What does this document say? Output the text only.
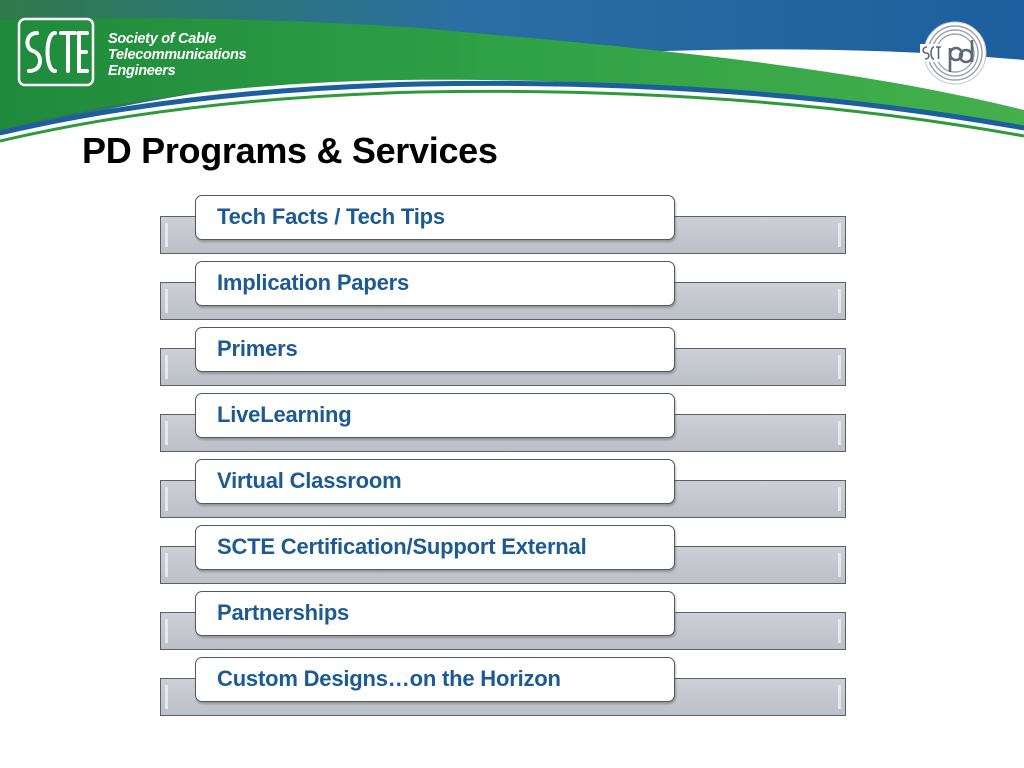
Society of Cable
Telecommunications
Engineers
PD Programs & Services
Tech Facts / Tech Tips
Implication Papers
Primers
LiveLearning
Virtual Classroom
SCTE Certification/Support External
Partnerships
Custom Designs…on the Horizon
